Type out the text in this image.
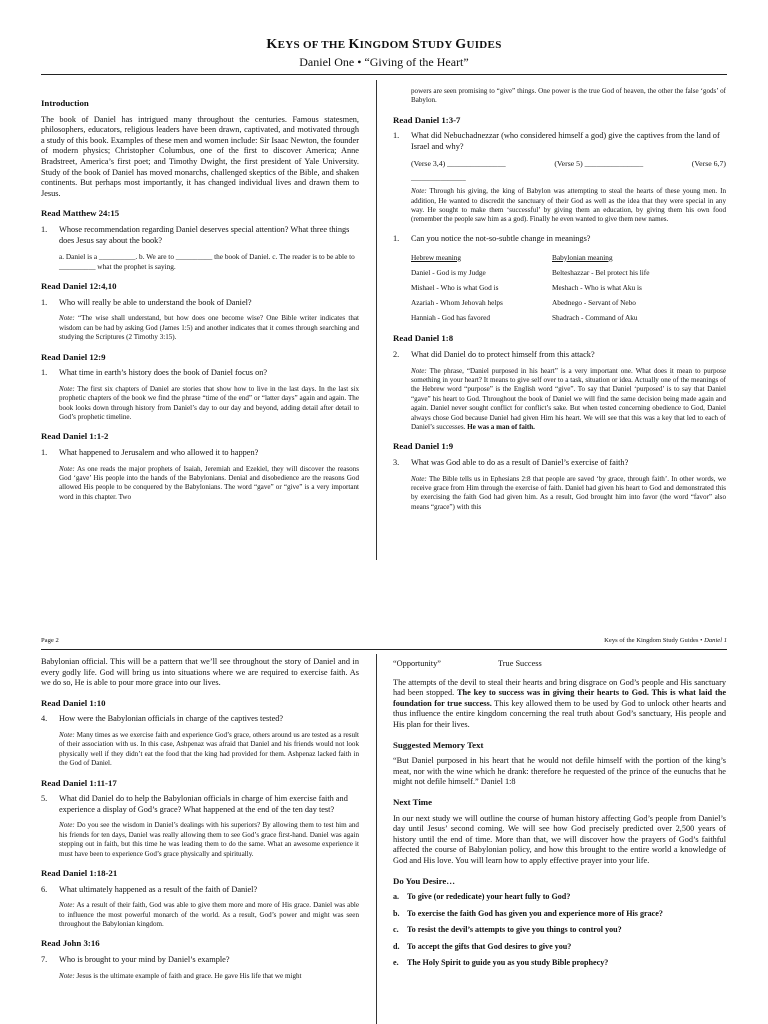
KEYS OF THE KINGDOM STUDY GUIDES
Daniel One • “Giving of the Heart”
Introduction

The book of Daniel has intrigued many throughout the centuries. Famous statesmen, philosophers, educators, religious leaders have been drawn, captivated, and motivated through a study of this book. Examples of these men and women include: Sir Isaac Newton, the founder of modern physics; Christopher Columbus, one of the first to discover America; Anne Bradstreet, America’s first poet; and Timothy Dwight, the first president of Yale University. Study of the book of Daniel has moved monarchs, challenged skeptics of the Bible, and shaken continents. But perhaps most importantly, it has changed individual lives and drawn them to Jesus.

Read Matthew 24:15
1.	Whose recommendation regarding Daniel deserves special attention? What three things does Jesus say about the book?
a. Daniel is a __________. b. We are to __________ the book of Daniel. c. The reader is to be able to __________ what the prophet is saying.
Read Daniel 12:4,10
1.	Who will really be able to understand the book of Daniel?
Note: “The wise shall understand, but how does one become wise? One Bible writer indicates that wisdom can be had by asking God (James 1:5) and another indicates that it comes through searching and studying the Scriptures (2 Timothy 3:15).
Read Daniel 12:9
1.	What time in earth’s history does the book of Daniel focus on?
Note: The first six chapters of Daniel are stories that show how to live in the last days. In the last six prophetic chapters of the book we find the phrase “time of the end” or “latter days” again and again. The book looks down through history from Daniel’s day to our day and beyond, adding detail after detail to God’s prophetic timeline.
Read Daniel 1:1-2
1.	What happened to Jerusalem and who allowed it to happen?
Note: As one reads the major prophets of Isaiah, Jeremiah and Ezekiel, they will discover the reasons God ‘gave’ His people into the hands of the Babylonians. Denial and disobedience are the reasons God allowed His people to be conquered by the Babylonians. The word “gave” or “give” is a very important word in this chapter. Two
powers are seen promising to “give” things. One power is the true God of heaven, the other the false ‘gods’ of Babylon.
Read Daniel 1:3-7
1.	What did Nebuchadnezzar (who considered himself a god) give the captives from the land of Israel and why?
(Verse 3,4) _______________	(Verse 5) _______________	(Verse 6,7)
_______________
Note: Through his giving, the king of Babylon was attempting to steal the hearts of these young men. In addition, He wanted to discredit the sanctuary of their God as well as the idea that they were special in any way. He sought to make them ‘successful’ by giving them an education, by giving them his own food (remember the people saw him as a god). Finally he even wanted to give them new names.
1.	Can you notice the not-so-subtle change in meanings?
Hebrew meaning	Babylonian meaning
Daniel - God is my Judge	Belteshazzar - Bel protect his life
Mishael - Who is what God is	Meshach - Who is what Aku is
Azariah - Whom Jehovah helps	Abednego - Servant of Nebo
Hanniah - God has favored	Shadrach - Command of Aku
Read Daniel 1:8
2.	What did Daniel do to protect himself from this attack?
Note: The phrase, “Daniel purposed in his heart” is a very important one. What does it mean to purpose something in your heart? It means to give self over to a task, situation or idea. Actually one of the meanings of the Hebrew word “purpose” is the English word “give”. To say that Daniel ‘purposed’ is to say that Daniel “gave” his heart to God. Throughout the book of Daniel we will find the same decision being made again and again. Daniel never sought conflict for conflict’s sake. But when tested concerning obedience to God, Daniel always chose God because Daniel had given Him his heart. We will see that this was a key that led to each of Daniel’s successes. He was a man of faith.
Read Daniel 1:9
3.	What was God able to do as a result of Daniel’s exercise of faith?
Note: The Bible tells us in Ephesians 2:8 that people are saved ‘by grace, through faith’. In other words, we receive grace from Him through the exercise of faith. Daniel had given his heart to God and demonstrated this by exercising the faith God had given him. As a result, God brought him into favor (the word “favor” also means “grace”) with this
Page 2	Keys of the Kingdom Study Guides • Daniel 1

Babylonian official. This will be a pattern that we’ll see throughout the story of Daniel and in every godly life. God will bring us into situations where we are required to exercise faith. As we do so, He is able to pour more grace into our lives.

Read Daniel 1:10
4.	How were the Babylonian officials in charge of the captives tested?
Note: Many times as we exercise faith and experience God’s grace, others around us are tested as a result of their association with us. In this case, Ashpenaz was afraid that Daniel and his friends would not look physically well if they didn’t eat the food that the king had provided for them. Ashpenaz lacked faith in the God of Daniel.
Read Daniel 1:11-17
5.	What did Daniel do to help the Babylonian officials in charge of him exercise faith and experience a display of God’s grace? What happened at the end of the ten day test?
Note: Do you see the wisdom in Daniel’s dealings with his superiors? By allowing them to test him and his friends for ten days, Daniel was really allowing them to see God’s grace first-hand. Daniel was again stepping out in faith, but this time he was leading them to do the same. What an awesome experience it must have been to experience God’s grace physically and spiritually.
Read Daniel 1:18-21
6.	What ultimately happened as a result of the faith of Daniel?
Note: As a result of their faith, God was able to give them more and more of His grace. Daniel was able to influence the most powerful monarch of the world. As a result, God’s power and might was seen throughout the Babylonian kingdom.
Read John 3:16
7.	Who is brought to your mind by Daniel’s example?
Note: Jesus is the ultimate example of faith and grace. He gave His life that we might
“Opportunity”	True Success

The attempts of the devil to steal their hearts and bring disgrace on God’s people and His sanctuary had been stopped. The key to success was in giving their hearts to God. This is what laid the foundation for true success. This key allowed them to be used by God to unlock other hearts and thus influence the entire kingdom concerning the real truth about God’s sanctuary, His people and His plan for their lives.

Suggested Memory Text

“But Daniel purposed in his heart that he would not defile himself with the portion of the king’s meat, nor with the wine which he drank: therefore he requested of the prince of the eunuchs that he might not defile himself.” Daniel 1:8

Next Time

In our next study we will outline the course of human history affecting God’s people from Daniel’s day until Jesus’ second coming. We will see how God precisely predicted over 2,500 years of history until the end of time. More than that, we will discover how the prayers of God’s faithful affected the course of Babylonian policy, and how this brought to the entire world a knowledge of God and His love. You will learn how to apply effective prayer into your life.

Do You Desire…
a. To give (or rededicate) your heart fully to God?
b. To exercise the faith God has given you and experience more of His grace?
c.	To resist the devil’s attempts to give you things to control you?
d. To accept the gifts that God desires to give you?
e.	The Holy Spirit to guide you as you study Bible prophecy?
